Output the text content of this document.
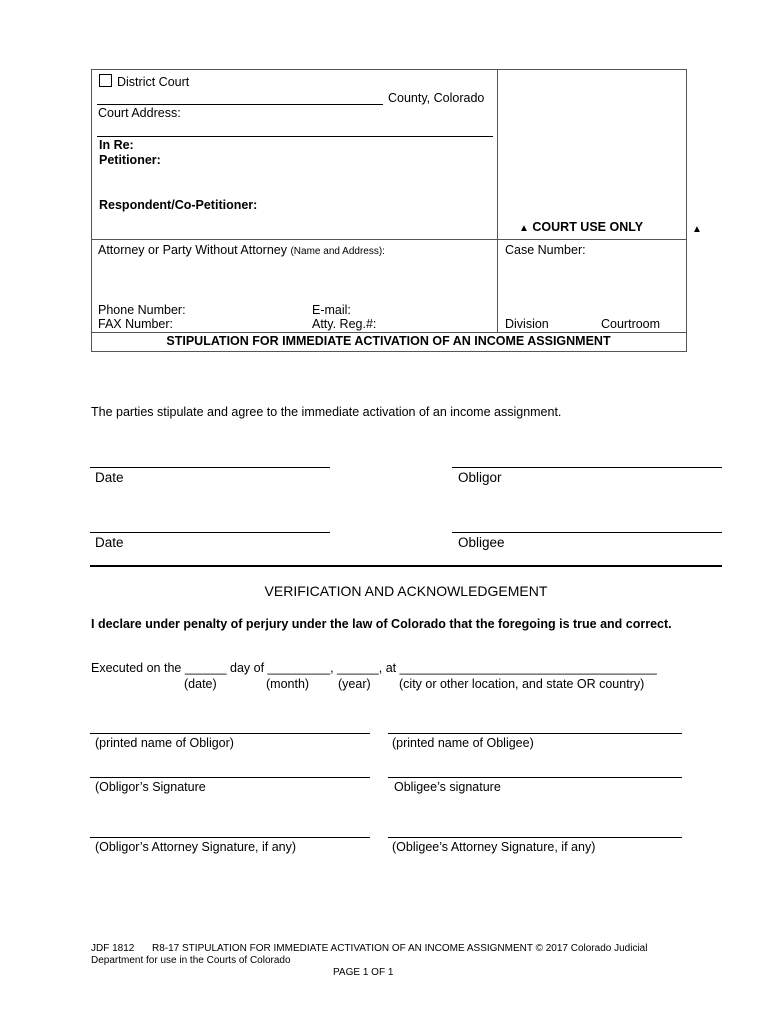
District Court
County, Colorado
Court Address:
In Re:
Petitioner:
Respondent/Co-Petitioner:
▲ COURT USE ONLY	▲
Attorney or Party Without Attorney (Name and Address):	Case Number:
Phone Number:	E-mail:
FAX Number:	Atty. Reg.#:	Division	Courtroom
STIPULATION FOR IMMEDIATE ACTIVATION OF AN INCOME ASSIGNMENT
The parties stipulate and agree to the immediate activation of an income assignment.
Date	Obligor
Date	Obligee
VERIFICATION AND ACKNOWLEDGEMENT
I declare under penalty of perjury under the law of Colorado that the foregoing is true and correct.
Executed on the ______ day of _________, ______, at _____________________________________
(date)	(month) (year) (city or other location, and state OR country)
(printed name of Obligor)	(printed name of Obligee)
(Obligor’s Signature	Obligee’s signature
(Obligor’s Attorney Signature, if any)	(Obligee’s Attorney Signature, if any)
JDF 1812 R8-17 STIPULATION FOR IMMEDIATE ACTIVATION OF AN INCOME ASSIGNMENT © 2017 Colorado Judicial
Department for use in the Courts of Colorado
PAGE 1 OF 1
